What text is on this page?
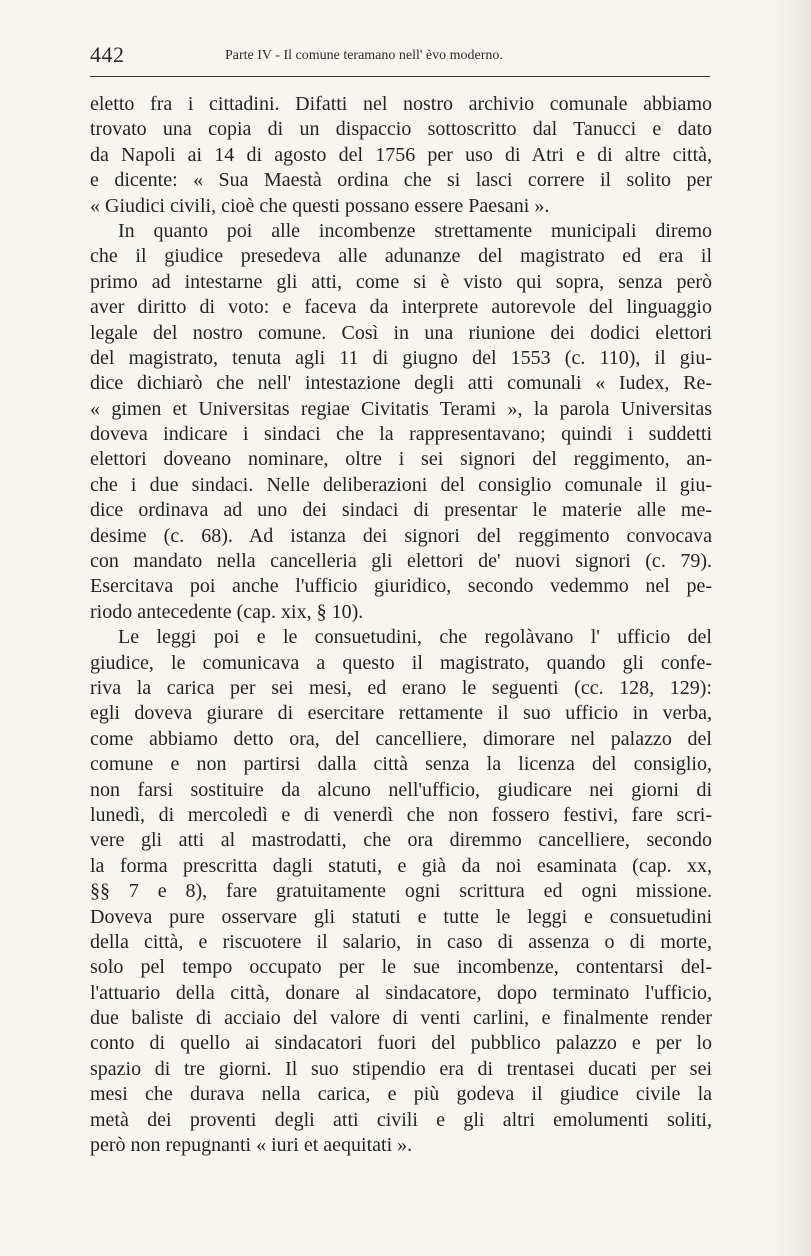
442	Parte IV - Il comune teramano nell' èvo moderno.
eletto fra i cittadini. Difatti nel nostro archivio comunale abbiamo
trovato una copia di un dispaccio sottoscritto dal Tanucci e dato
da Napoli ai 14 di agosto del 1756 per uso di Atri e di altre città,
e dicente: « Sua Maestà ordina che si lasci correre il solito per
« Giudici civili, cioè che questi possano essere Paesani ».
In quanto poi alle incombenze strettamente municipali diremo
che il giudice presedeva alle adunanze del magistrato ed era il
primo ad intestarne gli atti, come si è visto qui sopra, senza però
aver diritto di voto: e faceva da interprete autorevole del linguaggio
legale del nostro comune. Così in una riunione dei dodici elettori
del magistrato, tenuta agli 11 di giugno del 1553 (c. 110), il giu-
dice dichiarò che nell' intestazione degli atti comunali « Iudex, Re-
« gimen et Universitas regiae Civitatis Terami », la parola Universitas
doveva indicare i sindaci che la rappresentavano; quindi i suddetti
elettori doveano nominare, oltre i sei signori del reggimento, an-
che i due sindaci. Nelle deliberazioni del consiglio comunale il giu-
dice ordinava ad uno dei sindaci di presentar le materie alle me-
desime (c. 68). Ad istanza dei signori del reggimento convocava
con mandato nella cancelleria gli elettori de' nuovi signori (c. 79).
Esercitava poi anche l'ufficio giuridico, secondo vedemmo nel pe-
riodo antecedente (cap. xix, § 10).
Le leggi poi e le consuetudini, che regolàvano l' ufficio del
giudice, le comunicava a questo il magistrato, quando gli confe-
riva la carica per sei mesi, ed erano le seguenti (cc. 128, 129):
egli doveva giurare di esercitare rettamente il suo ufficio in verba,
come abbiamo detto ora, del cancelliere, dimorare nel palazzo del
comune e non partirsi dalla città senza la licenza del consiglio,
non farsi sostituire da alcuno nell'ufficio, giudicare nei giorni di
lunedì, di mercoledì e di venerdì che non fossero festivi, fare scri-
vere gli atti al mastrodatti, che ora diremmo cancelliere, secondo
la forma prescritta dagli statuti, e già da noi esaminata (cap. xx,
§§ 7 e 8), fare gratuitamente ogni scrittura ed ogni missione.
Doveva pure osservare gli statuti e tutte le leggi e consuetudini
della città, e riscuotere il salario, in caso di assenza o di morte,
solo pel tempo occupato per le sue incombenze, contentarsi del-
l'attuario della città, donare al sindacatore, dopo terminato l'ufficio,
due baliste di acciaio del valore di venti carlini, e finalmente render
conto di quello ai sindacatori fuori del pubblico palazzo e per lo
spazio di tre giorni. Il suo stipendio era di trentasei ducati per sei
mesi che durava nella carica, e più godeva il giudice civile la
metà dei proventi degli atti civili e gli altri emolumenti soliti,
però non repugnanti « iuri et aequitati ».
